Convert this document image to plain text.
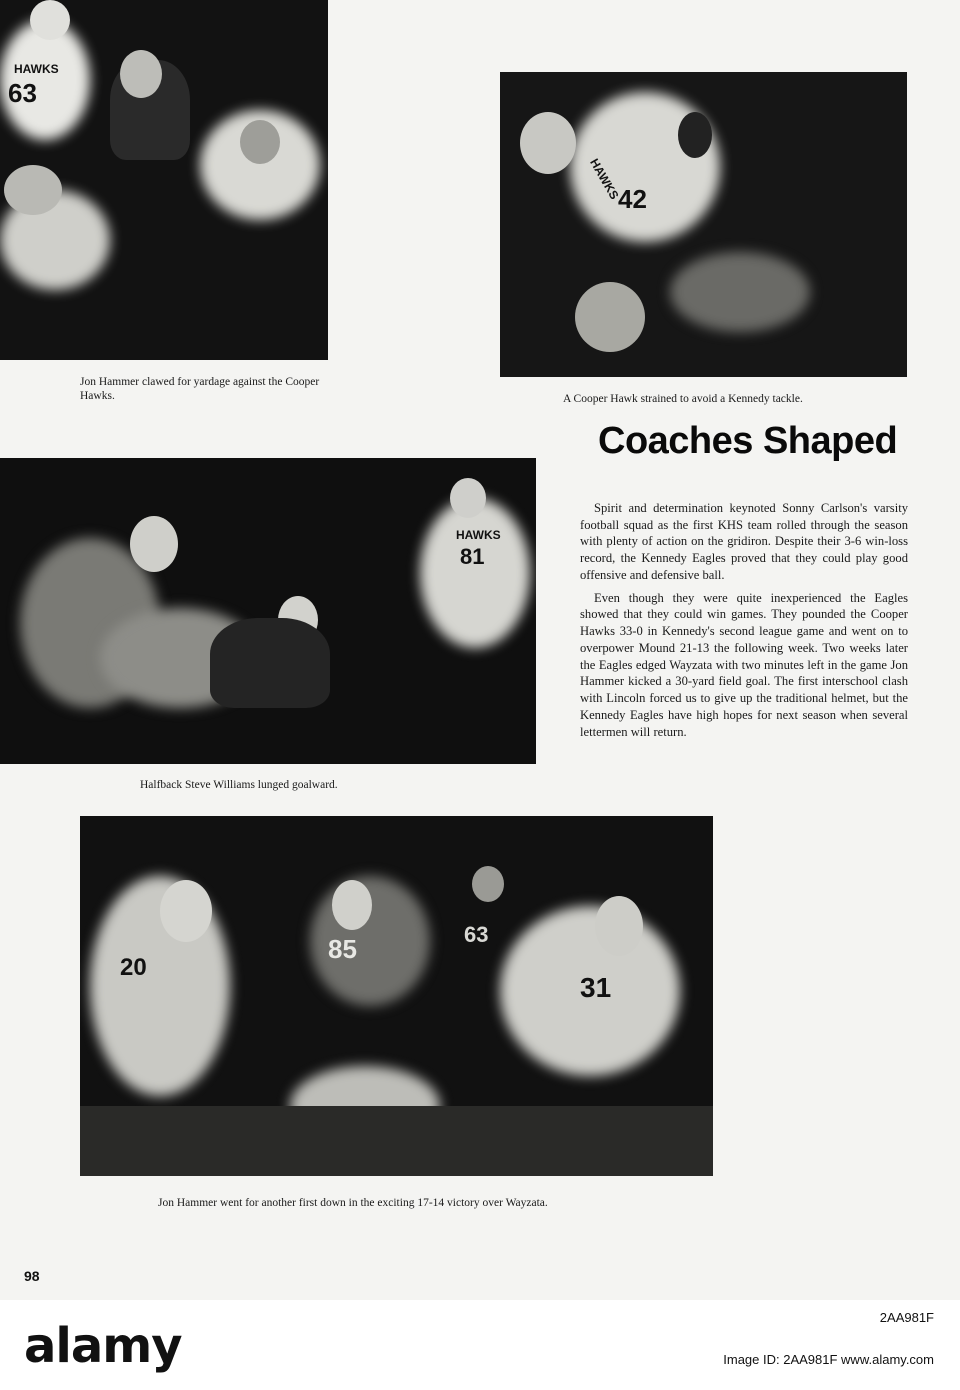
HAWKS
63
Jon Hammer clawed for yardage against the Cooper Hawks.
HAWKS
42
A Cooper Hawk strained to avoid a Kennedy tackle.
Coaches Shaped
HAWKS
81
Halfback Steve Williams lunged goalward.

Spirit and determination keynoted Sonny Carlson's varsity football squad as the first KHS team rolled through the season with plenty of action on the gridiron. Despite their 3-6 win-loss record, the Kennedy Eagles proved that they could play good offensive and defensive ball.

Even though they were quite inexperienced the Eagles showed that they could win games. They pounded the Cooper Hawks 33-0 in Kennedy's second league game and went on to overpower Mound 21-13 the following week. Two weeks later the Eagles edged Wayzata with two minutes left in the game Jon Hammer kicked a 30-yard field goal. The first interschool clash with Lincoln forced us to give up the traditional helmet, but the Kennedy Eagles have high hopes for next season when several lettermen will return.

20
85	63
31
Jon Hammer went for another first down in the exciting 17-14 victory over Wayzata.
98
alamy
2AA981F
Image ID: 2AA981F www.alamy.com
